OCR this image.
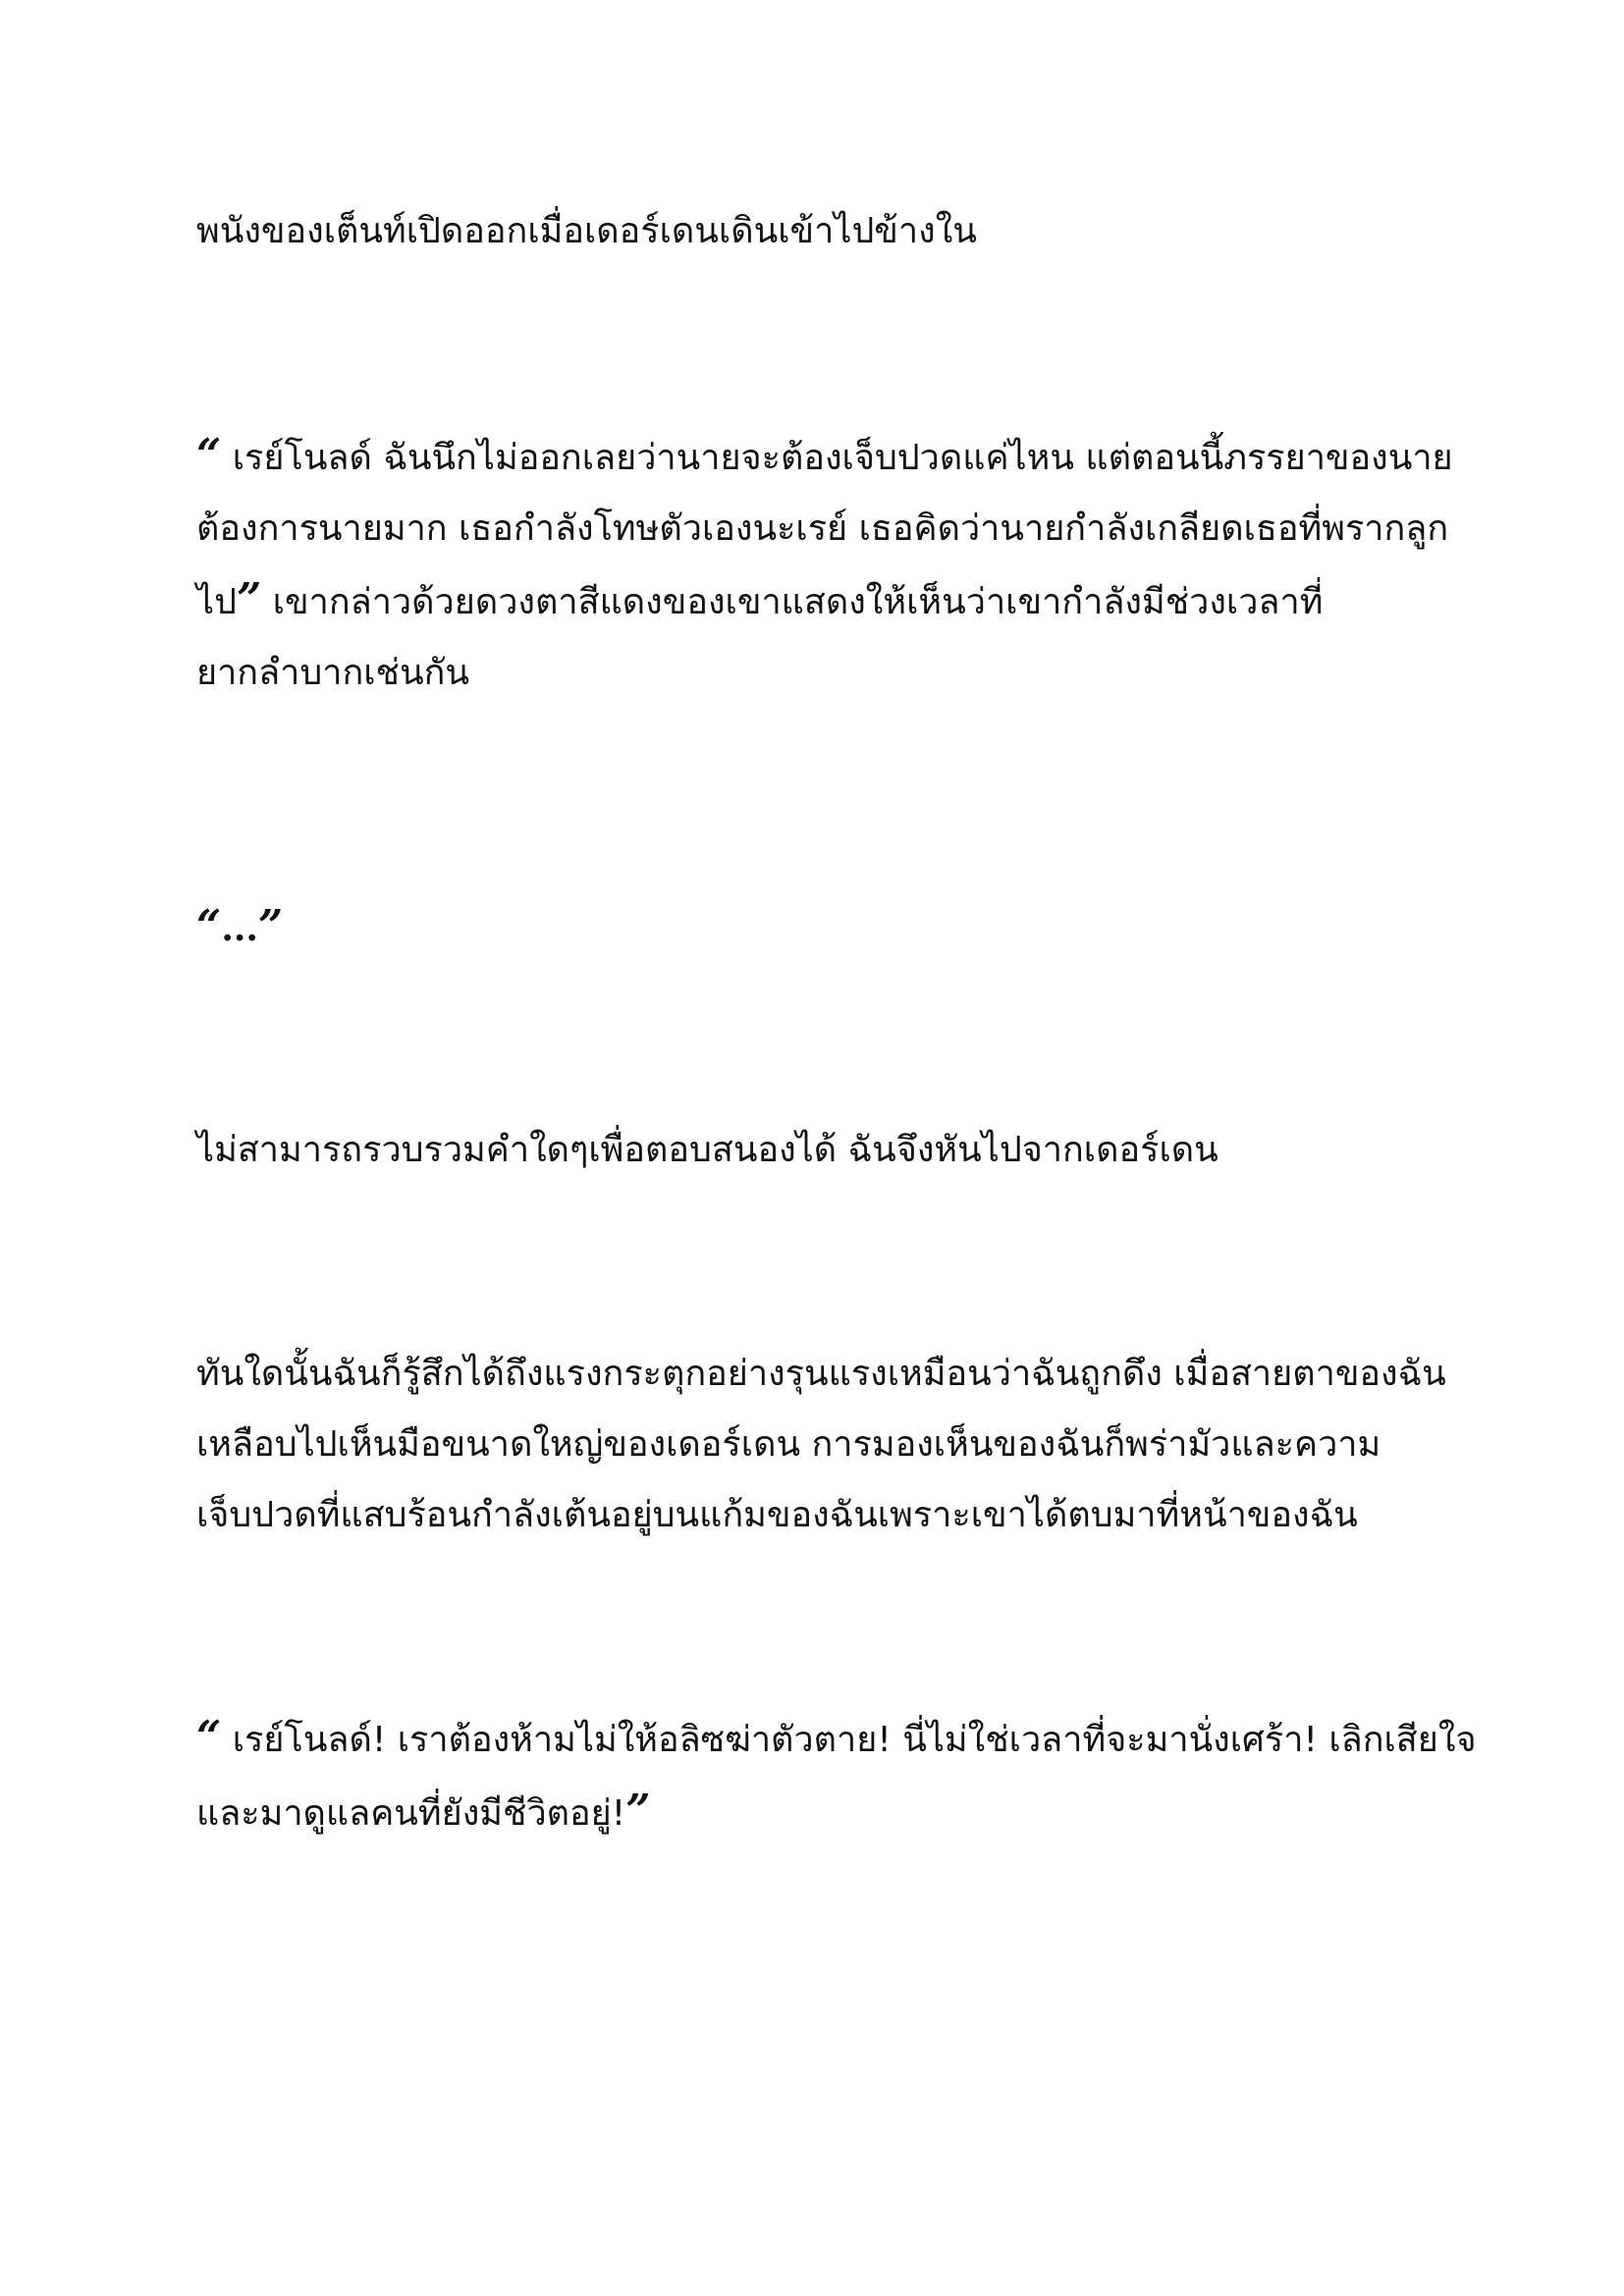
พนังของเต็นท์เปิดออกเมื่อเดอร์เดนเดินเข้าไปข้างใน
“ เรย์โนลด์ ฉันนึกไม่ออกเลยว่านายจะต้องเจ็บปวดแค่ไหน แต่ตอนนี้ภรรยาของนาย
ต้องการนายมาก เธอกำลังโทษตัวเองนะเรย์ เธอคิดว่านายกำลังเกลียดเธอที่พรากลูก
ไป” เขากล่าวด้วยดวงตาสีแดงของเขาแสดงให้เห็นว่าเขากำลังมีช่วงเวลาที่
ยากลำบากเช่นกัน
“...”
ไม่สามารถรวบรวมคำใดๆเพื่อตอบสนองได้ ฉันจึงหันไปจากเดอร์เดน
ทันใดนั้นฉันก็รู้สึกได้ถึงแรงกระตุกอย่างรุนแรงเหมือนว่าฉันถูกดึง เมื่อสายตาของฉัน
เหลือบไปเห็นมือขนาดใหญ่ของเดอร์เดน การมองเห็นของฉันก็พร่ามัวและความ
เจ็บปวดที่แสบร้อนกำลังเต้นอยู่บนแก้มของฉันเพราะเขาได้ตบมาที่หน้าของฉัน
“ เรย์โนลด์! เราต้องห้ามไม่ให้อลิซฆ่าตัวตาย! นี่ไม่ใช่เวลาที่จะมานั่งเศร้า! เลิกเสียใจ
และมาดูแลคนที่ยังมีชีวิตอยู่!”
